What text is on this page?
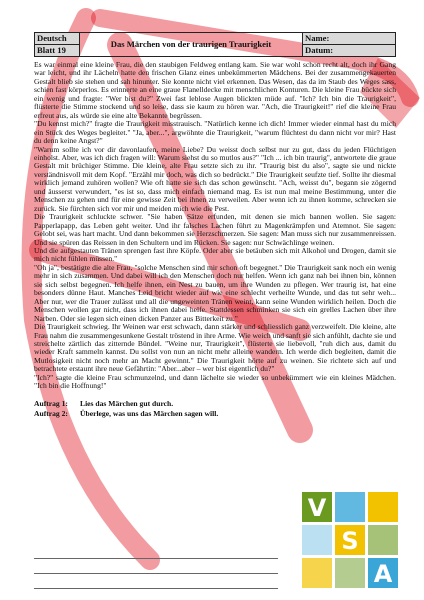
Deutsch	Das Märchen von der traurigen Traurigkeit	Name:
Blatt 19		Datum:

Es war einmal eine kleine Frau, die den staubigen Feldweg entlang kam. Sie war wohl schon recht alt, doch ihr Gang war leicht, und ihr Lächeln hatte den frischen Glanz eines unbekümmerten Mädchens. Bei der zusammengekauerten Gestalt blieb sie stehen und sah hinunter. Sie konnte nicht viel erkennen. Das Wesen, das da im Staub des Weges sass, schien fast körperlos. Es erinnerte an eine graue Flanelldecke mit menschlichen Konturen. Die kleine Frau bückte sich ein wenig und fragte: "Wer bist du?" Zwei fast leblose Augen blickten müde auf. "Ich? Ich bin die Traurigkeit", flüsterte die Stimme stockend und so leise, dass sie kaum zu hören war. "Ach, die Traurigkeit!" rief die kleine Frau erfreut aus, als würde sie eine alte Bekannte begrüssen.

"Du kennst mich?" fragte die Traurigkeit misstrauisch. "Natürlich kenne ich dich! Immer wieder einmal hast du mich ein Stück des Weges begleitet." "Ja, aber...", argwöhnte die Traurigkeit, "warum flüchtest du dann nicht vor mir? Hast du denn keine Angst?"

"Warum sollte ich vor dir davonlaufen, meine Liebe? Du weisst doch selbst nur zu gut, dass du jeden Flüchtigen einholst. Aber, was ich dich fragen will: Warum siehst du so mutlos aus?" "Ich ... ich bin traurig", antwortete die graue Gestalt mit brüchiger Stimme. Die kleine, alte Frau setzte sich zu ihr. "Traurig bist du also", sagte sie und nickte verständnisvoll mit dem Kopf. "Erzähl mir doch, was dich so bedrückt." Die Traurigkeit seufzte tief. Sollte ihr diesmal wirklich jemand zuhören wollen? Wie oft hatte sie sich das schon gewünscht. "Ach, weisst du", begann sie zögernd und äusserst verwundert, "es ist so, dass mich einfach niemand mag. Es ist nun mal meine Bestimmung, unter die Menschen zu gehen und für eine gewisse Zeit bei ihnen zu verweilen. Aber wenn ich zu ihnen komme, schrecken sie zurück. Sie fürchten sich vor mir und meiden mich wie die Pest.

Die Traurigkeit schluckte schwer. "Sie haben Sätze erfunden, mit denen sie mich bannen wollen. Sie sagen: Papperlapapp, das Leben geht weiter. Und ihr falsches Lachen führt zu Magenkrämpfen und Atemnot. Sie sagen: Gelobt sei, was hart macht. Und dann bekommen sie Herzschmerzen. Sie sagen: Man muss sich nur zusammenreissen. Und sie spüren das Reissen in den Schultern und im Rücken. Sie sagen: nur Schwächlinge weinen.

Und die aufgestauten Tränen sprengen fast ihre Köpfe. Oder aber sie betäuben sich mit Alkohol und Drogen, damit sie mich nicht fühlen müssen."

"Oh ja", bestätigte die alte Frau, "solche Menschen sind mir schon oft begegnet." Die Traurigkeit sank noch ein wenig mehr in sich zusammen. Und dabei will ich den Menschen doch nur helfen. Wenn ich ganz nah bei ihnen bin, können sie sich selbst begegnen. Ich helfe ihnen, ein Nest zu bauen, um ihre Wunden zu pflegen. Wer traurig ist, hat eine besonders dünne Haut. Manches Leid bricht wieder auf wie eine schlecht verheilte Wunde, und das tut sehr weh... Aber nur, wer die Trauer zulässt und all die ungeweinten Tränen weint, kann seine Wunden wirklich heilen. Doch die Menschen wollen gar nicht, dass ich ihnen dabei helfe. Stattdessen schminken sie sich ein grelles Lachen über ihre Narben. Oder sie legen sich einen dicken Panzer aus Bitterkeit zu."

Die Traurigkeit schwieg. Ihr Weinen war erst schwach, dann stärker und schliesslich ganz verzweifelt. Die kleine, alte Frau nahm die zusammengesunkene Gestalt tröstend in ihre Arme. Wie weich und sanft sie sich anfühlt, dachte sie und streichelte zärtlich das zitternde Bündel. "Weine nur, Traurigkeit", flüsterte sie liebevoll, "ruh dich aus, damit du wieder Kraft sammeln kannst. Du sollst von nun an nicht mehr alleine wandern. Ich werde dich begleiten, damit die Mutlosigkeit nicht noch mehr an Macht gewinnt." Die Traurigkeit hörte auf zu weinen. Sie richtete sich auf und betrachtete erstaunt ihre neue Gefährtin: "Aber...aber – wer bist eigentlich du?"

"Ich?" sagte die kleine Frau schmunzelnd, und dann lächelte sie wieder so unbekümmert wie ein kleines Mädchen. "Ich bin die Hoffnung!"

Auftrag 1:	Lies das Märchen gut durch.
Auftrag 2:	Überlege, was uns das Märchen sagen will.
V
S
A
